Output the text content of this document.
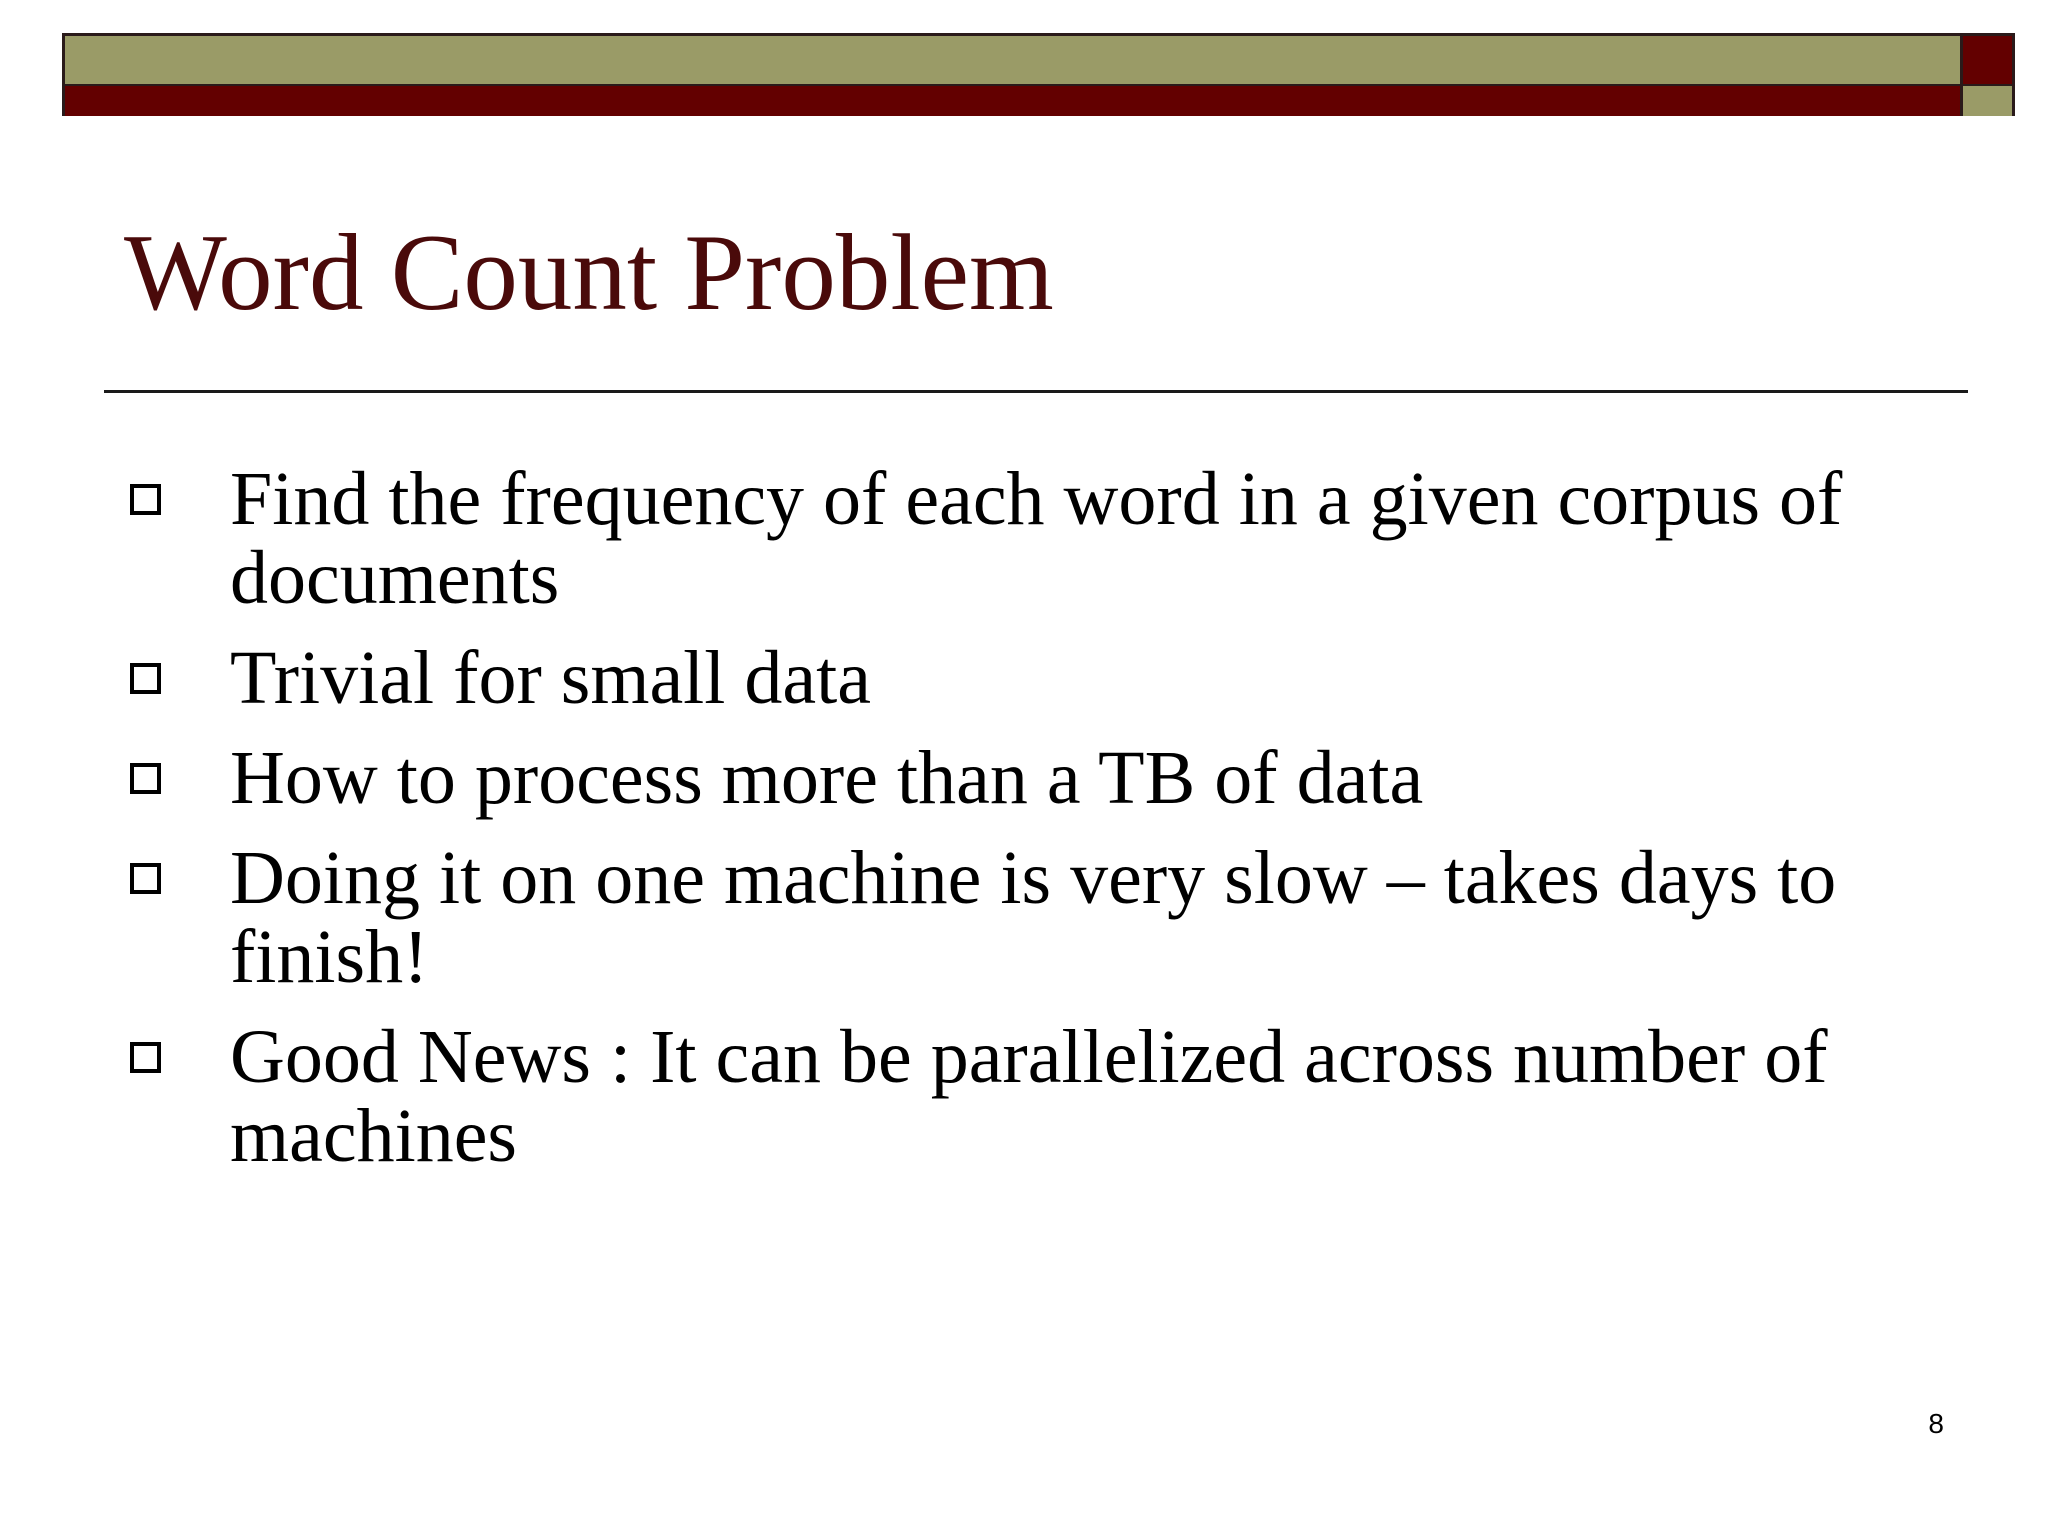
Word Count Problem
Find the frequency of each word in a given corpus of documents
Trivial for small data
How to process more than a TB of data
Doing it on one machine is very slow – takes days to finish!
Good News : It can be parallelized across number of machines
8
